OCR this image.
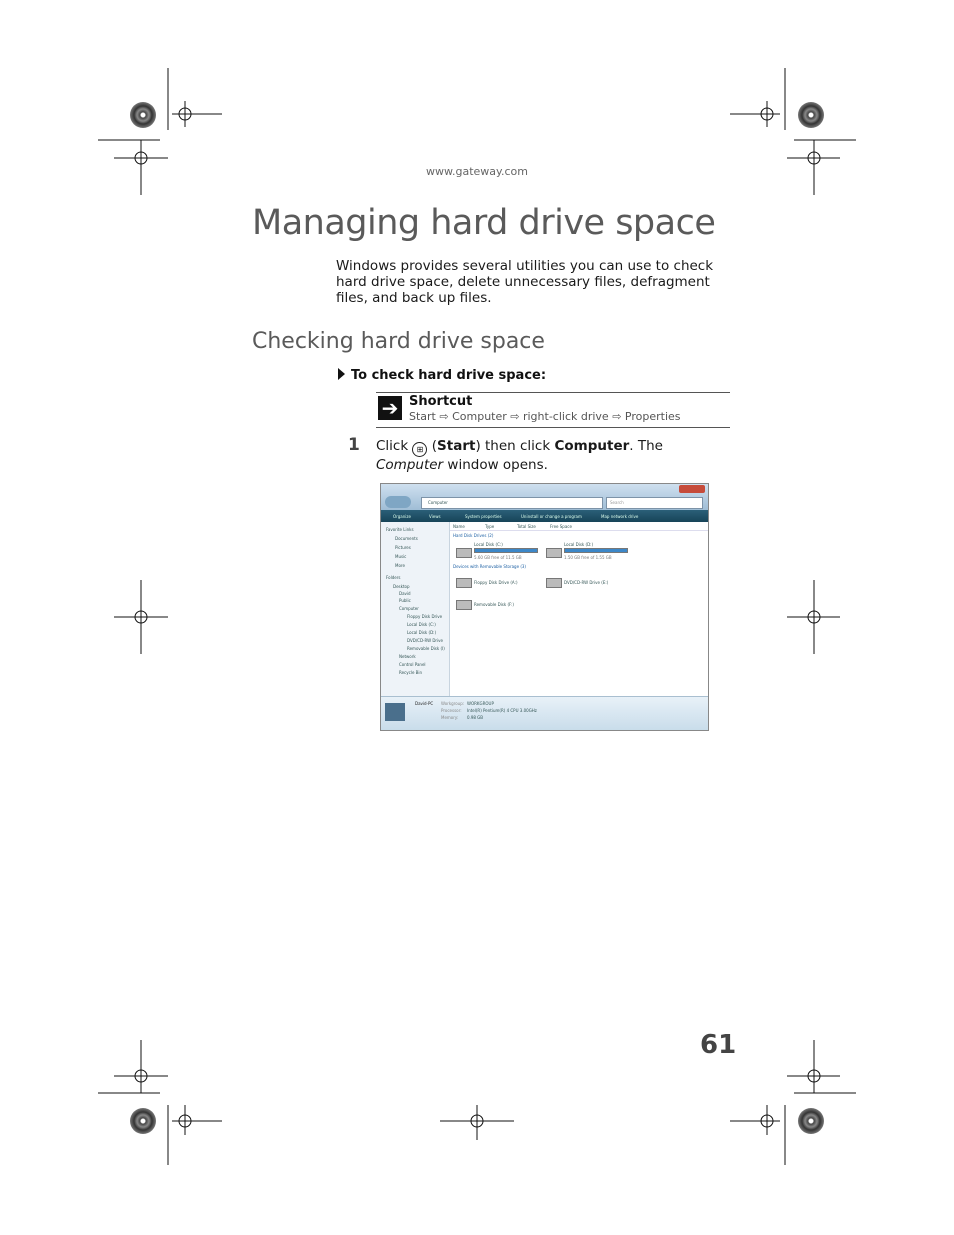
www.gateway.com
Managing hard drive space
Windows provides several utilities you can use to check hard drive space, delete unnecessary files, defragment files, and back up files.
Checking hard drive space
To check hard drive space:
➔ Shortcut
Start ⇨ Computer ⇨ right-click drive ⇨ Properties
1 Click ⊞ (Start) then click Computer. The Computer window opens.
Computer	Search
Organize	Views	System properties	Uninstall or change a program	Map network drive
Favorite Links
Documents
Pictures
Music
More
Folders
Desktop
David
Public
Computer
Floppy Disk Drive
Local Disk (C:)
Local Disk (D:)
DVD/CD-RW Drive
Removable Disk (I)
Network
Control Panel
Recycle Bin
Name	Type	Total Size	Free Space
Hard Disk Drives (2)
Local Disk (C:)
5.60 GB free of 11.5 GB
Local Disk (D:)
1.50 GB free of 1.55 GB
Devices with Removable Storage (3)
Floppy Disk Drive (A:)	DVD/CD-RW Drive (E:)
Removable Disk (F:)
David-PC Workgroup: WORKGROUP
Processor: Intel(R) Pentium(R) 4 CPU 3.00GHz
Memory: 0.98 GB
61
